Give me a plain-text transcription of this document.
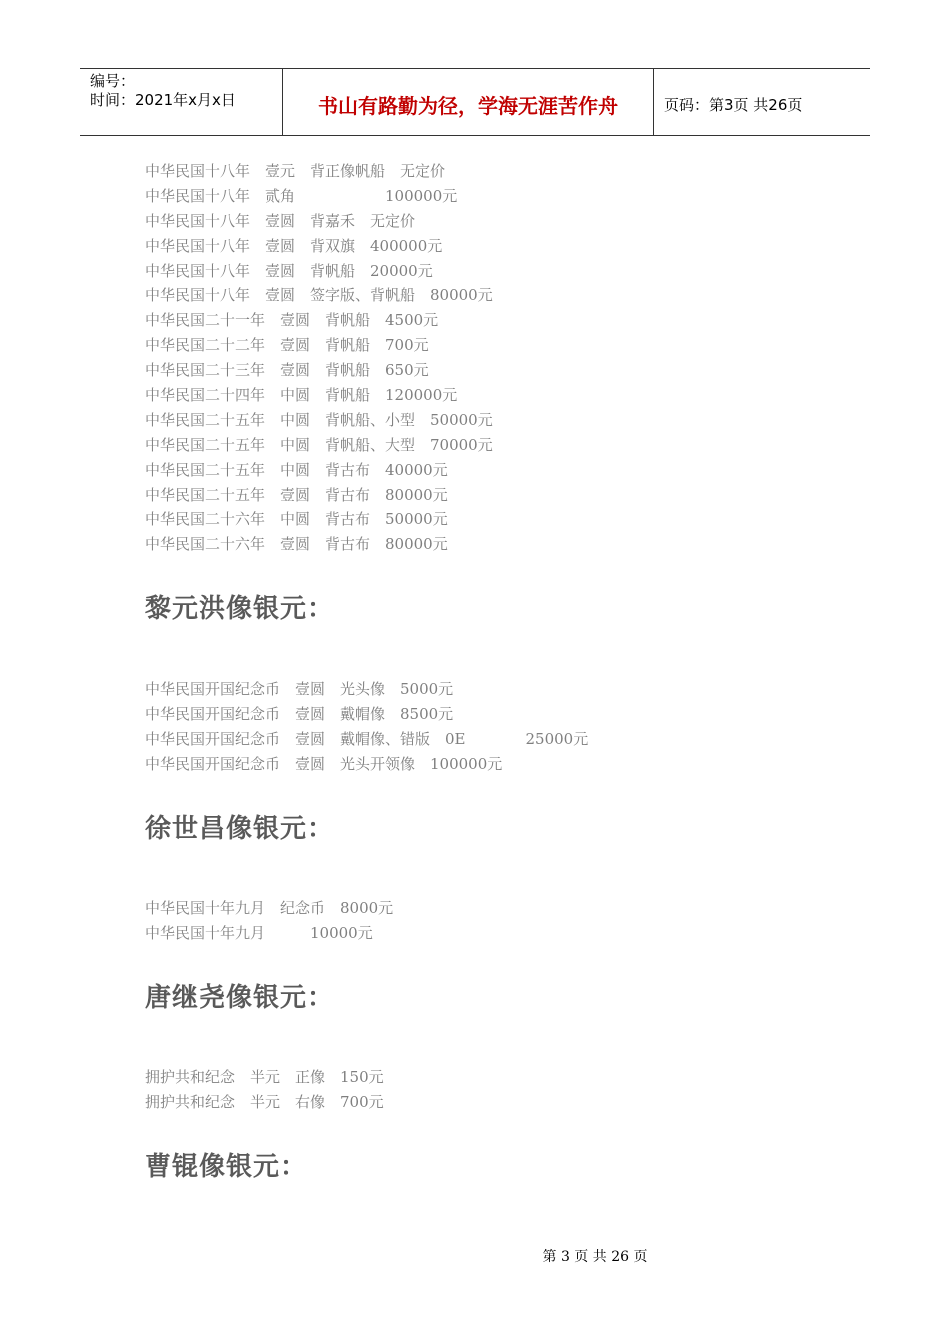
编号：
时间：2021年x月x日	书山有路勤为径，学海无涯苦作舟	页码：第3页 共26页
中华民国十八年　壹元　背正像帆船　无定价
中华民国十八年　贰角　　　　　　100000元
中华民国十八年　壹圆　背嘉禾　无定价
中华民国十八年　壹圆　背双旗　400000元
中华民国十八年　壹圆　背帆船　20000元
中华民国十八年　壹圆　签字版、背帆船　80000元
中华民国二十一年　壹圆　背帆船　4500元
中华民国二十二年　壹圆　背帆船　700元
中华民国二十三年　壹圆　背帆船　650元
中华民国二十四年　中圆　背帆船　120000元
中华民国二十五年　中圆　背帆船、小型　50000元
中华民国二十五年　中圆　背帆船、大型　70000元
中华民国二十五年　中圆　背古布　40000元
中华民国二十五年　壹圆　背古布　80000元
中华民国二十六年　中圆　背古布　50000元
中华民国二十六年　壹圆　背古布　80000元
黎元洪像银元：
中华民国开国纪念币　壹圆　光头像　5000元
中华民国开国纪念币　壹圆　戴帽像　8500元
中华民国开国纪念币　壹圆　戴帽像、错版　0E　　　　25000元
中华民国开国纪念币　壹圆　光头开领像　100000元
徐世昌像银元：
中华民国十年九月　纪念币　8000元
中华民国十年九月　　　10000元
唐继尧像银元：
拥护共和纪念　半元　正像　150元
拥护共和纪念　半元　右像　700元
曹锟像银元：
第 3 页 共 26 页
